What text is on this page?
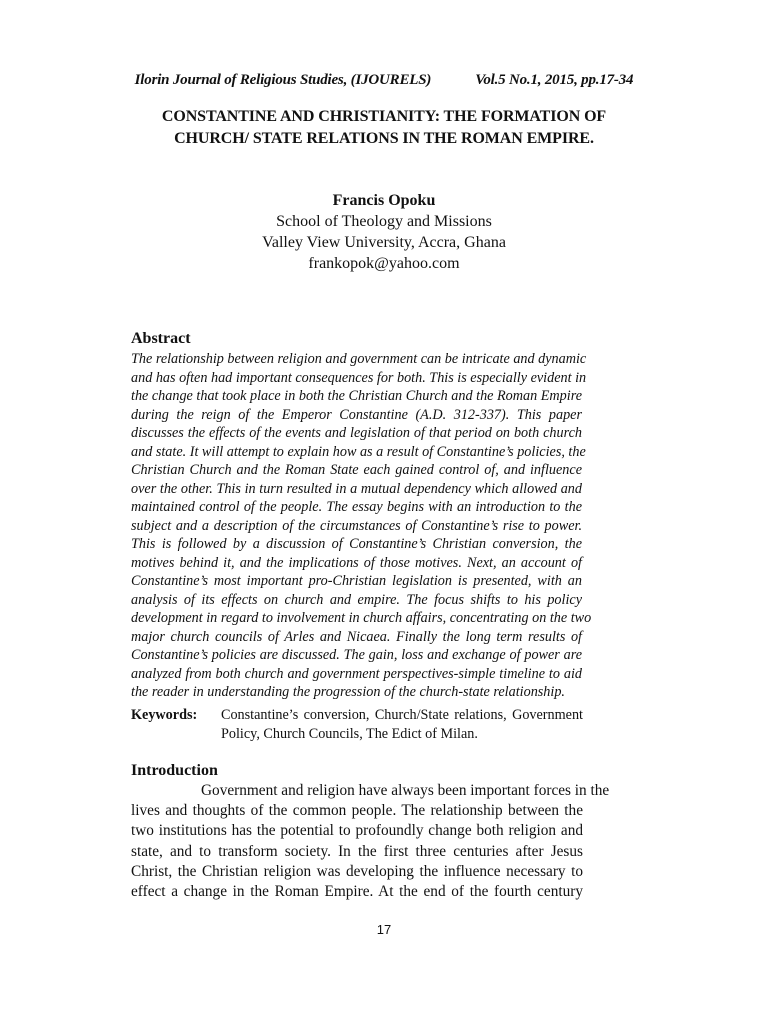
Ilorin Journal of Religious Studies, (IJOURELS)	Vol.5 No.1, 2015, pp.17-34
CONSTANTINE AND CHRISTIANITY: THE FORMATION OF
CHURCH/ STATE RELATIONS IN THE ROMAN EMPIRE.
Francis Opoku
School of Theology and Missions
Valley View University, Accra, Ghana
frankopok@yahoo.com
Abstract
The relationship between religion and government can be intricate and dynamic
and has often had important consequences for both. This is especially evident in
the change that took place in both the Christian Church and the Roman Empire
during the reign of the Emperor Constantine (A.D. 312-337). This paper
discusses the effects of the events and legislation of that period on both church
and state. It will attempt to explain how as a result of Constantine’s policies, the
Christian Church and the Roman State each gained control of, and influence
over the other. This in turn resulted in a mutual dependency which allowed and
maintained control of the people. The essay begins with an introduction to the
subject and a description of the circumstances of Constantine’s rise to power.
This is followed by a discussion of Constantine’s Christian conversion, the
motives behind it, and the implications of those motives. Next, an account of
Constantine’s most important pro-Christian legislation is presented, with an
analysis of its effects on church and empire. The focus shifts to his policy
development in regard to involvement in church affairs, concentrating on the two
major church councils of Arles and Nicaea. Finally the long term results of
Constantine’s policies are discussed. The gain, loss and exchange of power are
analyzed from both church and government perspectives-simple timeline to aid
the reader in understanding the progression of the church-state relationship.
Keywords: Constantine’s conversion, Church/State relations, Government
Policy, Church Councils, The Edict of Milan.
Introduction
Government and religion have always been important forces in the
lives and thoughts of the common people. The relationship between the
two institutions has the potential to profoundly change both religion and
state, and to transform society. In the first three centuries after Jesus
Christ, the Christian religion was developing the influence necessary to
effect a change in the Roman Empire. At the end of the fourth century
17
